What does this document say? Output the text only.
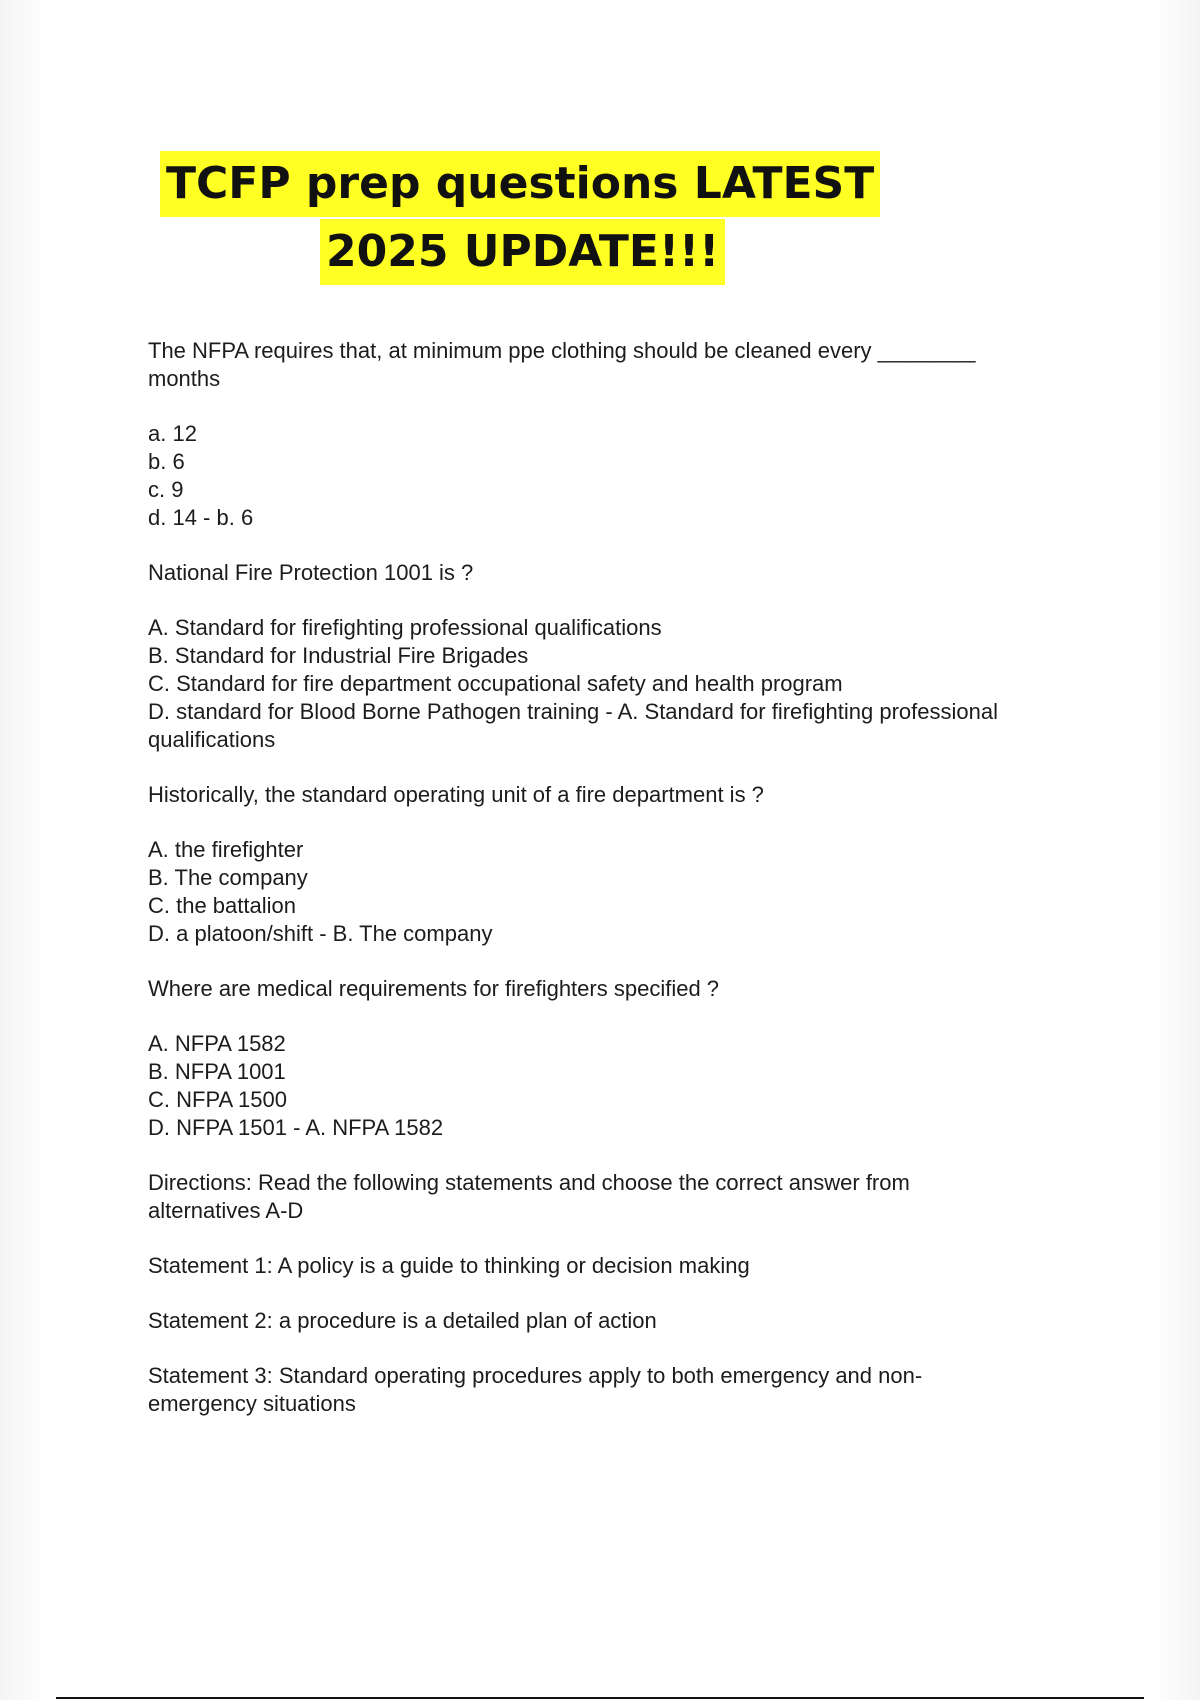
TCFP prep questions LATEST
2025 UPDATE!!!
The NFPA requires that, at minimum ppe clothing should be cleaned every ________
months
a. 12
b. 6
c. 9
d. 14 - b. 6
National Fire Protection 1001 is ?
A. Standard for firefighting professional qualifications
B. Standard for Industrial Fire Brigades
C. Standard for fire department occupational safety and health program
D. standard for Blood Borne Pathogen training - A. Standard for firefighting professional
qualifications
Historically, the standard operating unit of a fire department is ?
A. the firefighter
B. The company
C. the battalion
D. a platoon/shift - B. The company
Where are medical requirements for firefighters specified ?
A. NFPA 1582
B. NFPA 1001
C. NFPA 1500
D. NFPA 1501 - A. NFPA 1582
Directions: Read the following statements and choose the correct answer from
alternatives A-D
Statement 1: A policy is a guide to thinking or decision making
Statement 2: a procedure is a detailed plan of action
Statement 3: Standard operating procedures apply to both emergency and non-
emergency situations
